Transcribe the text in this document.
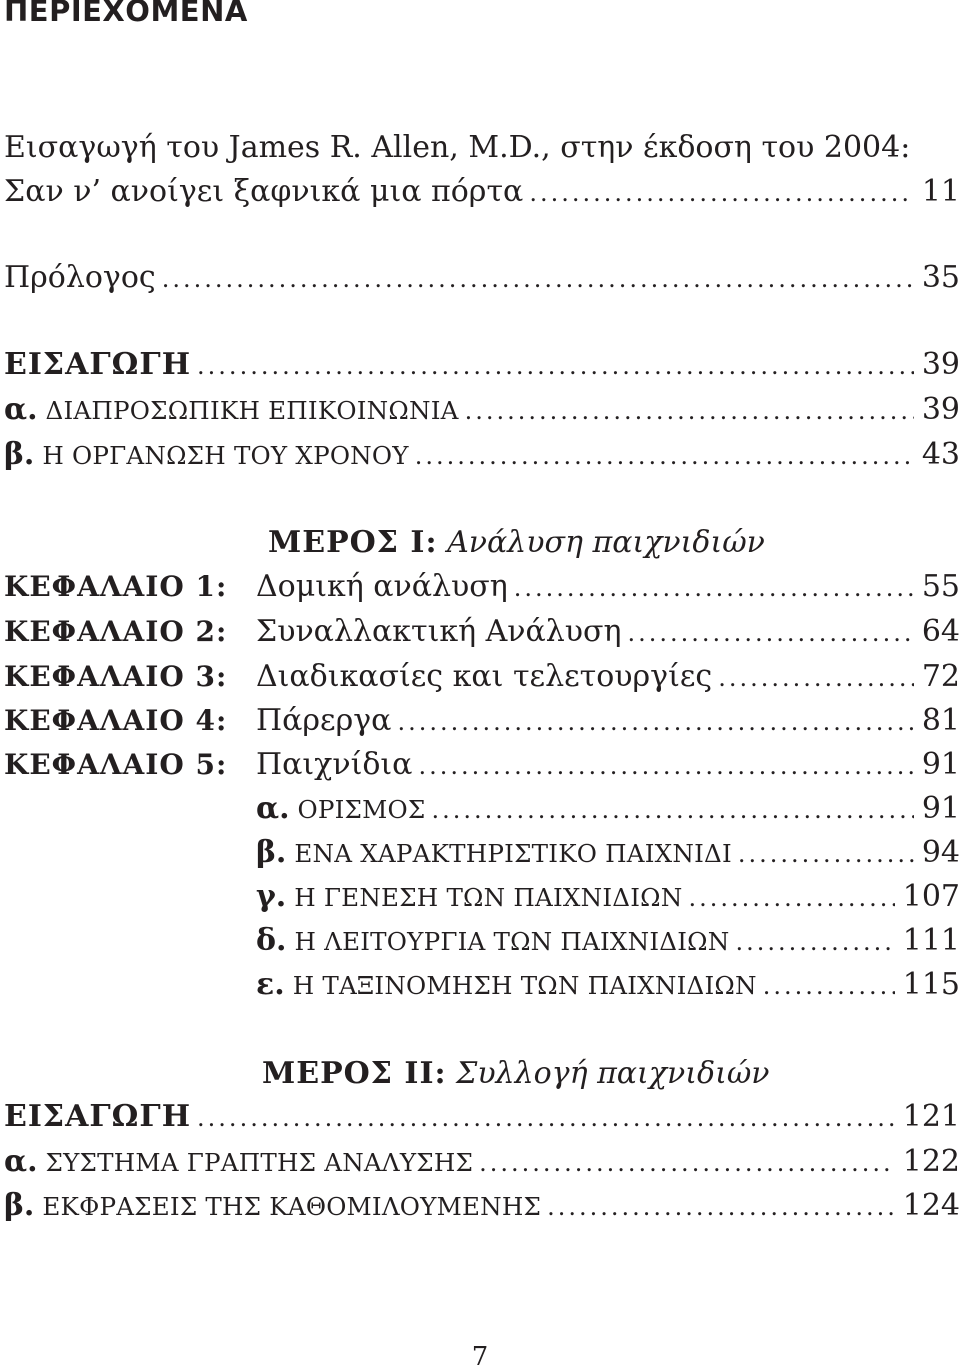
ΠΕΡΙΕΧΟΜΕΝΑ
Εισαγωγή του James R. Allen, M.D., στην έκδοση του 2004:
Σαν ν’ ανοίγει ξαφνικά μια πόρτα .....	11
Πρόλογος .....	35
ΕΙΣΑΓΩΓΗ .....	39
α. ΔΙΑΠΡΟΣΩΠΙΚΗ ΕΠΙΚΟΙΝΩΝΙΑ .....	39
β. Η ΟΡΓΑΝΩΣΗ ΤΟΥ ΧΡΟΝΟΥ .....	43
ΜΕΡΟΣ I: Ανάλυση παιχνιδιών
ΚΕΦΑΛΑΙΟ 1: Δομική ανάλυση .....	55
ΚΕΦΑΛΑΙΟ 2: Συναλλακτική Ανάλυση .....	64
ΚΕΦΑΛΑΙΟ 3: Διαδικασίες και τελετουργίες .....	72
ΚΕΦΑΛΑΙΟ 4: Πάρεργα .....	81
ΚΕΦΑΛΑΙΟ 5: Παιχνίδια .....	91
α. ΟΡΙΣΜΟΣ .....	91
β. ΕΝΑ ΧΑΡΑΚΤΗΡΙΣΤΙΚΟ ΠΑΙΧΝΙΔΙ .....	94
γ. Η ΓΕΝΕΣΗ ΤΩΝ ΠΑΙΧΝΙΔΙΩΝ .....	107
δ. Η ΛΕΙΤΟΥΡΓΙΑ ΤΩΝ ΠΑΙΧΝΙΔΙΩΝ .....	111
ε. Η ΤΑΞΙΝΟΜΗΣΗ ΤΩΝ ΠΑΙΧΝΙΔΙΩΝ .....	115
ΜΕΡΟΣ II: Συλλογή παιχνιδιών
ΕΙΣΑΓΩΓΗ .....	121
α. ΣΥΣΤΗΜΑ ΓΡΑΠΤΗΣ ΑΝΑΛΥΣΗΣ .....	122
β. ΕΚΦΡΑΣΕΙΣ ΤΗΣ ΚΑΘΟΜΙΛΟΥΜΕΝΗΣ .....	124
7
